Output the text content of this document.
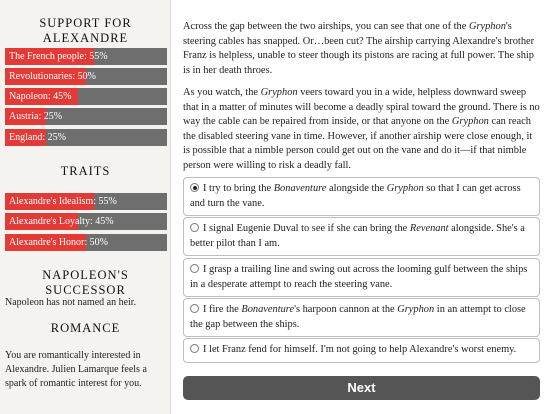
SUPPORT FOR ALEXANDRE
The French people: 55%
Revolutionaries: 50%
Napoleon: 45%
Austria: 25%
England: 25%
TRAITS
Alexandre's Idealism: 55%
Alexandre's Loyalty: 45%
Alexandre's Honor: 50%
NAPOLEON'S SUCCESSOR
Napoleon has not named an heir.
ROMANCE
You are romantically interested in Alexandre. Julien Lamarque feels a spark of romantic interest for you.

Across the gap between the two airships, you can see that one of the Gryphon's steering cables has snapped. Or…been cut? The airship carrying Alexandre's brother Franz is helpless, unable to steer though its pistons are racing at full power. The ship is in her death throes.

As you watch, the Gryphon veers toward you in a wide, helpless downward sweep that in a matter of minutes will become a deadly spiral toward the ground. There is no way the cable can be repaired from inside, or that anyone on the Gryphon can reach the disabled steering vane in time. However, if another airship were close enough, it is possible that a nimble person could get out on the vane and do it—if that nimble person were willing to risk a deadly fall.

I try to bring the Bonaventure alongside the Gryphon so that I can get across and turn the vane.
I signal Eugenie Duval to see if she can bring the Revenant alongside. She's a better pilot than I am.
I grasp a trailing line and swing out across the looming gulf between the ships in a desperate attempt to reach the steering vane.
I fire the Bonaventure's harpoon cannon at the Gryphon in an attempt to close the gap between the ships.
I let Franz fend for himself. I'm not going to help Alexandre's worst enemy.
Next
